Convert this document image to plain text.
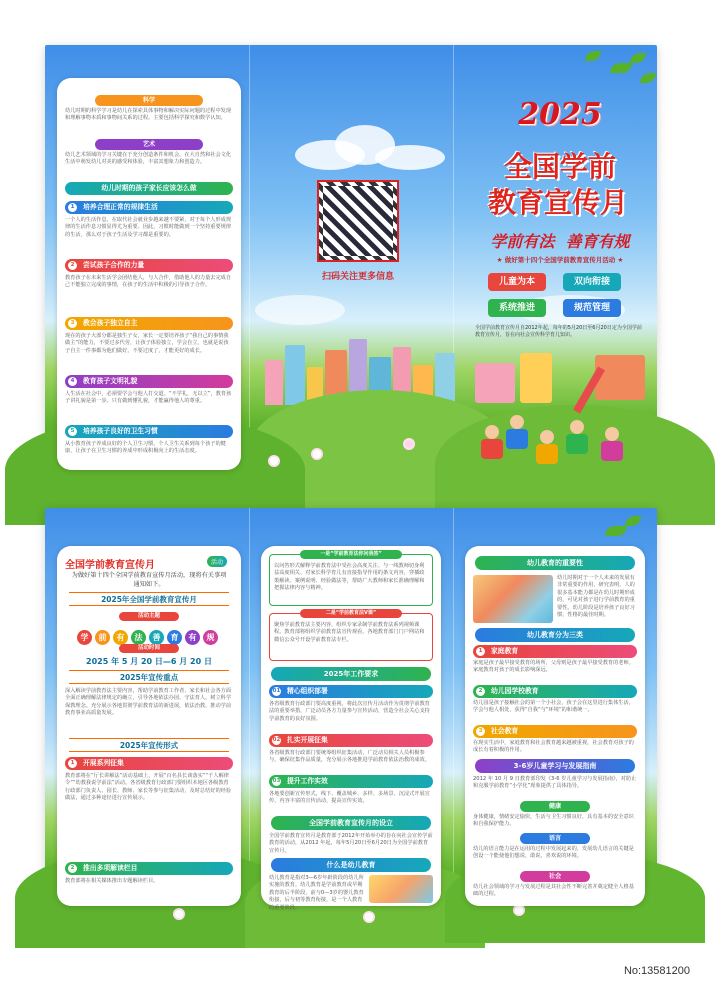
科学
幼儿时期的科学学习是幼儿在探索具体事物和解决实际问题的过程中发现和理解事物本质和事物间关系的过程。主要包括科学探究和数学认知。
艺术
幼儿艺术领域的学习关键在于充分创造条件和机会，在大自然和社会文化生活中萌发幼儿对美的感受和体验，丰富其想象力和创造力。
幼儿时期的孩子家长应该怎么做
1	培养合理正常的规律生活
一个人的生活作息，在取代社会就业步越来越不要紧，对于每个人形成规律的生活作息习惯显得尤为重要。因此，习惯时能做到一个坚持重要规律的生活，那么对于孩子生活及学习都是重要的。
2	尝试孩子合作的力量
教育孩子在未来生活学会团结他人，与人合作，借助他人的力量去完成自己不能独立完成的事情，在孩子的生活中积极的引导孩子合作。
3	教会孩子独立自主
现在的孩子大部分都是独生子女，家长一定要培养孩子“我自己的事情我做主”的能力，不要过多代劳，让孩子体验独立，学会自立，也就是说孩子自主一件事都为他们做好，不要过度了，才能更好的成长。
4	教育孩子文明礼貌
人生活在社会中，必须要学会与他人打交道。“不学礼，无以立”，教育孩子讲礼貌是第一步。只有做到懂礼貌，才能赢得他人的尊重。
5	培养孩子良好的卫生习惯
从小教育孩子养成良好的个人卫生习惯，个人卫生关系到每个孩子的健康，让孩子在卫生习惯的养成中形成积极向上的生活态度。
扫码关注更多信息
2025
全国学前
教育宣传月
学前有法 善育有规
★ 做好第十四个全国学前教育宣传月活动 ★
儿童为本	双向衔接
系统推进	规范管理
全国学前教育宣传月自2012年起，每年的5月20日至6月20日定为全国学前教育宣传月，旨在向社会宣传科学育儿知识。
全国学前教育宣传月	活动
为做好第十四个全国学前教育宣传月活动，现将有关事项通知如下。
2025年全国学前教育宣传月
活动主题
学 前 有 法 善 育 有 规
活动时间
2025 年 5 月 20 日—6 月 20 日
2025年宣传重点
深入解读学前教育法主要内容，帮助学前教育工作者、家长和社会各方面全面正确理解法律规定的确立，引导各地依法办园、守法育人，树立科学保教理念。充分展示各地贯彻学前教育法的新进展，依法治教，推动学前教育事业高质量发展。
2025年宣传形式
1	开展系列征集
教育部将在“厅长讲解法”活动基础上，开展“百名县长谈落实”“千人解律令”“幼教我说学前法”活动。各省级教育行政部门要组织本地区各级教育行政部门负责人、园长、教师、家长等参与征集活动，及时总结好的经验做法，通过多种途径进行宣传展示。
2	推出多项解读栏目
教育部将在相关媒体推出专题解读栏目。
一是“学前教育法你问我答”
以问答形式解释学前教育法中受社会高度关注、与一线教师切身利益高度相关、对家长科学育儿有直接指导作用的条文内容，穿插政策解读、案例说明、经验做法等，帮助广大教师和家长准确理解和把握法律内容与精神。
二是“学前教育法V课”
聚焦学前教育法主要内容，组织专家录制学前教育法系列视频课程。教育部将组织学前教育法宣传观看，各地教育部门门户网站和微信公众号开设学前教育法专栏。
2025年工作要求
01 精心组织部署
各省级教育行政部门要高度重视，将此次宣传月活动作为贯彻学前教育法的重要举措，广泛动员各方力量参与宣传活动，营造全社会关心支持学前教育的良好氛围。
02 扎实开展征集
各省级教育行政部门要统筹组织征集活动，广泛动员相关人员积极参与，确保征集作品质量，充分展示各地推进学前教育依法治教的成效。
03 提升工作实效
各地要创新宣传形式，线下、覆盖城乡、多样、多场景、沉浸式开展宣传，内容丰富的宣传活动，提高宣传实效。
全国学前教育宣传月的设立
全国学前教育宣传月是教育部于2012年开始举办的旨在向社会宣传学前教育的活动，从2012 年起，每年5月20日至6月20日为全国学前教育宣传月。
什么是幼儿教育
幼儿教育是指对3—6岁年龄阶段的幼儿所实施的教育。幼儿教育是学前教育或早期教育的后半阶段，前与0—3岁的婴儿教育衔接，后与初等教育衔接，是一个人教育的重要阶段。
幼儿教育的重要性
幼儿时期对于一个人未来的发展有非常重要的作用，研究表明，人的很多基本能力都是在幼儿时期形成的，可见对孩子进行学前教育的重要性。幼儿阶段是培养孩子良好习惯、性格的最佳时期。
幼儿教育分为三类
1	家庭教育
家庭是孩子最早接受教育的场所，父母则是孩子最早接受教育的老师。家庭教育对孩子的成长影响深远。
2	幼儿园学校教育
幼儿园是孩子接触社会的第一个小社会，孩子会在这里进行集体生活，学会与他人相处，获得“自我”与“环境”的和谐统一。
3	社会教育
在现实生活中，家庭教育和社会教育越来越被重视，社会教育对孩子的成长有着积极的作用。
3-6岁儿童学习与发展指南
2012 年 10 月 9 日教育部印发《3-6 岁儿童学习与发展指南》，对防止和克服学前教育“小学化”现象提供了具体指导。
健康
身体健康，情绪安定愉快，生活与卫生习惯良好，具有基本的安全意识和自我保护能力。
语言
幼儿的语言能力是在运用的过程中发展起来的，发展幼儿语言的关键是创设一个能使他们想说、敢说、喜欢说的环境。
社会
幼儿社会领域的学习与发展过程是其社会性不断完善并奠定健全人格基础的过程。
No:13581200
